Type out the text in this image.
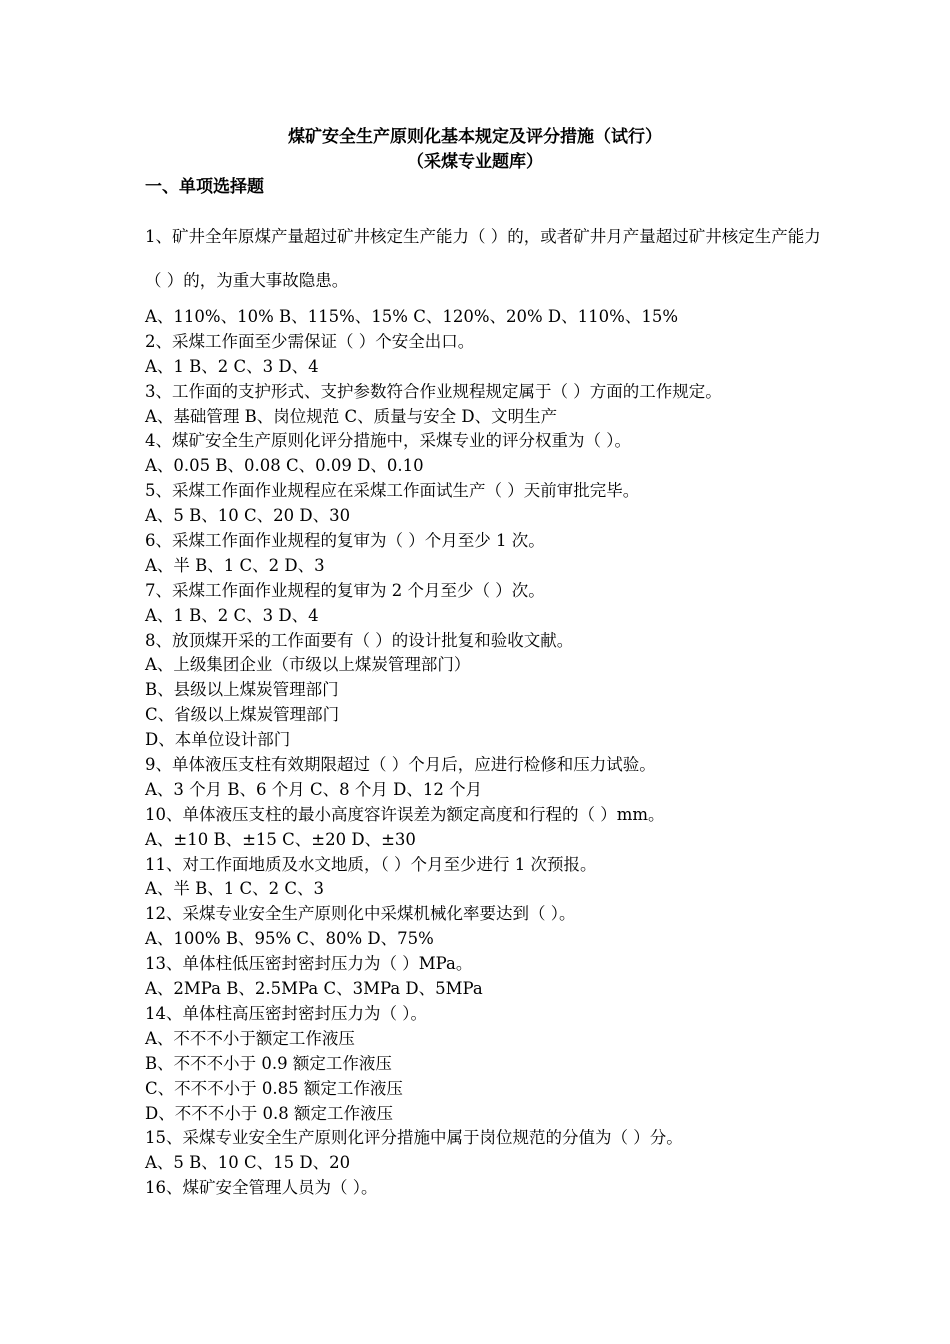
煤矿安全生产原则化基本规定及评分措施（试行）
（采煤专业题库）
一、单项选择题
1、矿井全年原煤产量超过矿井核定生产能力（ ）的，或者矿井月产量超过矿井核定生产能力（ ）的，为重大事故隐患。
A、110%、10% B、115%、15% C、120%、20% D、110%、15%
2、采煤工作面至少需保证（ ）个安全出口。
A、1 B、2 C、3 D、4
3、工作面的支护形式、支护参数符合作业规程规定属于（ ）方面的工作规定。
A、基础管理 B、岗位规范 C、质量与安全 D、文明生产
4、煤矿安全生产原则化评分措施中，采煤专业的评分权重为（ ）。
A、0.05 B、0.08 C、0.09 D、0.10
5、采煤工作面作业规程应在采煤工作面试生产（ ）天前审批完毕。
A、5 B、10 C、20 D、30
6、采煤工作面作业规程的复审为（ ）个月至少 1 次。
A、半 B、1 C、2 D、3
7、采煤工作面作业规程的复审为 2 个月至少（ ）次。
A、1 B、2 C、3 D、4
8、放顶煤开采的工作面要有（ ）的设计批复和验收文献。
A、上级集团企业（市级以上煤炭管理部门）
B、县级以上煤炭管理部门
C、省级以上煤炭管理部门
D、本单位设计部门
9、单体液压支柱有效期限超过（ ）个月后，应进行检修和压力试验。
A、3 个月 B、6 个月 C、8 个月 D、12 个月
10、单体液压支柱的最小高度容许误差为额定高度和行程的（ ）mm。
A、±10 B、±15 C、±20 D、±30
11、对工作面地质及水文地质，（ ）个月至少进行 1 次预报。
A、半 B、1 C、2 C、3
12、采煤专业安全生产原则化中采煤机械化率要达到（ ）。
A、100% B、95% C、80% D、75%
13、单体柱低压密封密封压力为（ ）MPa。
A、2MPa B、2.5MPa C、3MPa D、5MPa
14、单体柱高压密封密封压力为（ ）。
A、不不不小于额定工作液压
B、不不不小于 0.9 额定工作液压
C、不不不小于 0.85 额定工作液压
D、不不不小于 0.8 额定工作液压
15、采煤专业安全生产原则化评分措施中属于岗位规范的分值为（ ）分。
A、5 B、10 C、15 D、20
16、煤矿安全管理人员为（ ）。
